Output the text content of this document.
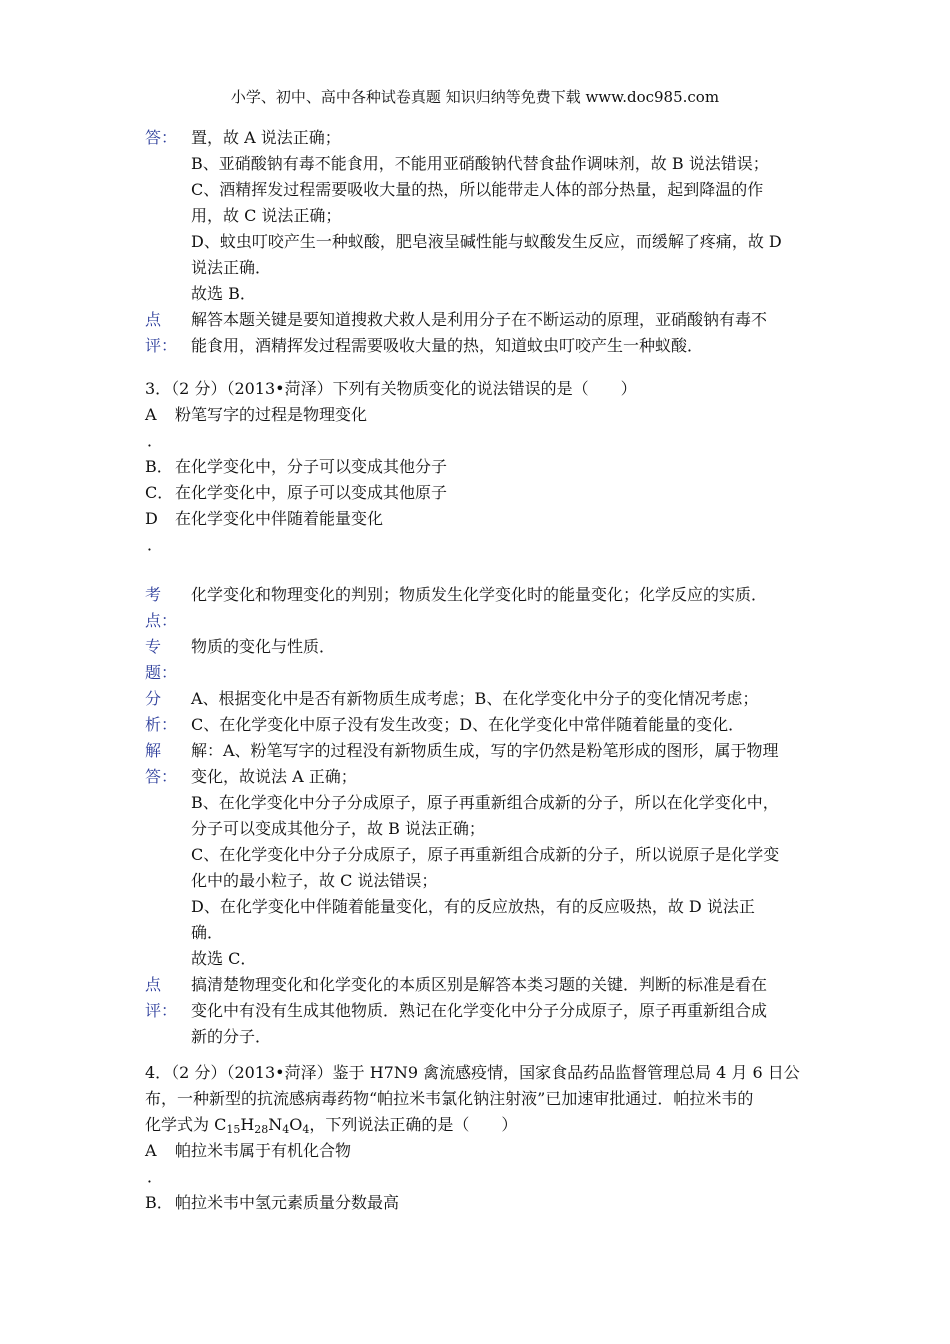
小学、初中、高中各种试卷真题 知识归纳等免费下载 www.doc985.com
答： 置，故 A 说法正确；
B、亚硝酸钠有毒不能食用，不能用亚硝酸钠代替食盐作调味剂，故 B 说法错误；
C、酒精挥发过程需要吸收大量的热，所以能带走人体的部分热量，起到降温的作
用，故 C 说法正确；
D、蚊虫叮咬产生一种蚁酸，肥皂液呈碱性能与蚁酸发生反应，而缓解了疼痛，故 D
说法正确．
故选 B．
点	解答本题关键是要知道搜救犬救人是利用分子在不断运动的原理，亚硝酸钠有毒不
评： 能食用，酒精挥发过程需要吸收大量的热，知道蚊虫叮咬产生一种蚁酸．
3．（2 分）（2013•菏泽）下列有关物质变化的说法错误的是（　　）
A	粉笔写字的过程是物理变化
．
B． 在化学变化中，分子可以变成其他分子
C． 在化学变化中，原子可以变成其他原子
D	在化学变化中伴随着能量变化
．
考	化学变化和物理变化的判别；物质发生化学变化时的能量变化；化学反应的实质．
点：
专	物质的变化与性质．
题：
分	A、根据变化中是否有新物质生成考虑；B、在化学变化中分子的变化情况考虑；
析： C、在化学变化中原子没有发生改变；D、在化学变化中常伴随着能量的变化．
解	解：A、粉笔写字的过程没有新物质生成，写的字仍然是粉笔形成的图形，属于物理
答： 变化，故说法 A 正确；
B、在化学变化中分子分成原子，原子再重新组合成新的分子，所以在化学变化中，
分子可以变成其他分子，故 B 说法正确；
C、在化学变化中分子分成原子，原子再重新组合成新的分子，所以说原子是化学变
化中的最小粒子，故 C 说法错误；
D、在化学变化中伴随着能量变化，有的反应放热，有的反应吸热，故 D 说法正
确．
故选 C．
点	搞清楚物理变化和化学变化的本质区别是解答本类习题的关键．判断的标准是看在
评： 变化中有没有生成其他物质．熟记在化学变化中分子分成原子，原子再重新组合成
新的分子．
4．（2 分）（2013•菏泽）鉴于 H7N9 禽流感疫情，国家食品药品监督管理总局 4 月 6 日公
布，一种新型的抗流感病毒药物“帕拉米韦氯化钠注射液”已加速审批通过．帕拉米韦的
化学式为 $C_{15}H_{28}N_4O_4$，下列说法正确的是（　　）
A	帕拉米韦属于有机化合物
．
B． 帕拉米韦中氢元素质量分数最高
